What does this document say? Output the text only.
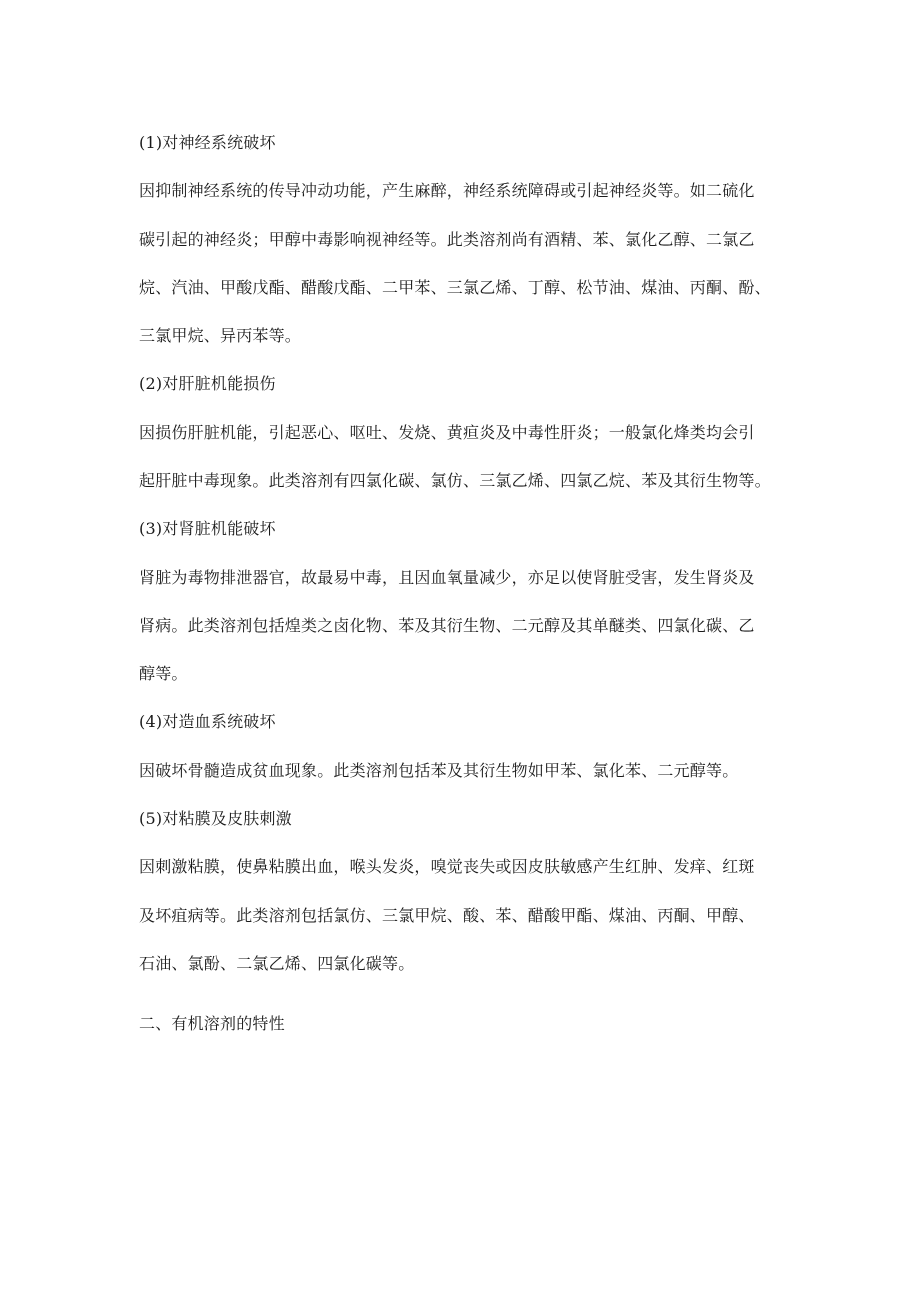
(1)对神经系统破坏
因抑制神经系统的传导冲动功能，产生麻醉，神经系统障碍或引起神经炎等。如二硫化
碳引起的神经炎；甲醇中毒影响视神经等。此类溶剂尚有酒精、苯、氯化乙醇、二氯乙
烷、汽油、甲酸戊酯、醋酸戊酯、二甲苯、三氯乙烯、丁醇、松节油、煤油、丙酮、酚、
三氯甲烷、异丙苯等。
(2)对肝脏机能损伤
因损伤肝脏机能，引起恶心、呕吐、发烧、黄疸炎及中毒性肝炎；一般氯化烽类均会引
起肝脏中毒现象。此类溶剂有四氯化碳、氯仿、三氯乙烯、四氯乙烷、苯及其衍生物等。
(3)对肾脏机能破坏
肾脏为毒物排泄器官，故最易中毒，且因血氧量减少，亦足以使肾脏受害，发生肾炎及
肾病。此类溶剂包括煌类之卤化物、苯及其衍生物、二元醇及其单醚类、四氯化碳、乙
醇等。
(4)对造血系统破坏
因破坏骨髓造成贫血现象。此类溶剂包括苯及其衍生物如甲苯、氯化苯、二元醇等。
(5)对粘膜及皮肤刺激
因刺激粘膜，使鼻粘膜出血，喉头发炎，嗅觉丧失或因皮肤敏感产生红肿、发痒、红斑
及坏疽病等。此类溶剂包括氯仿、三氯甲烷、酸、苯、醋酸甲酯、煤油、丙酮、甲醇、
石油、氯酚、二氯乙烯、四氯化碳等。
二、有机溶剂的特性
